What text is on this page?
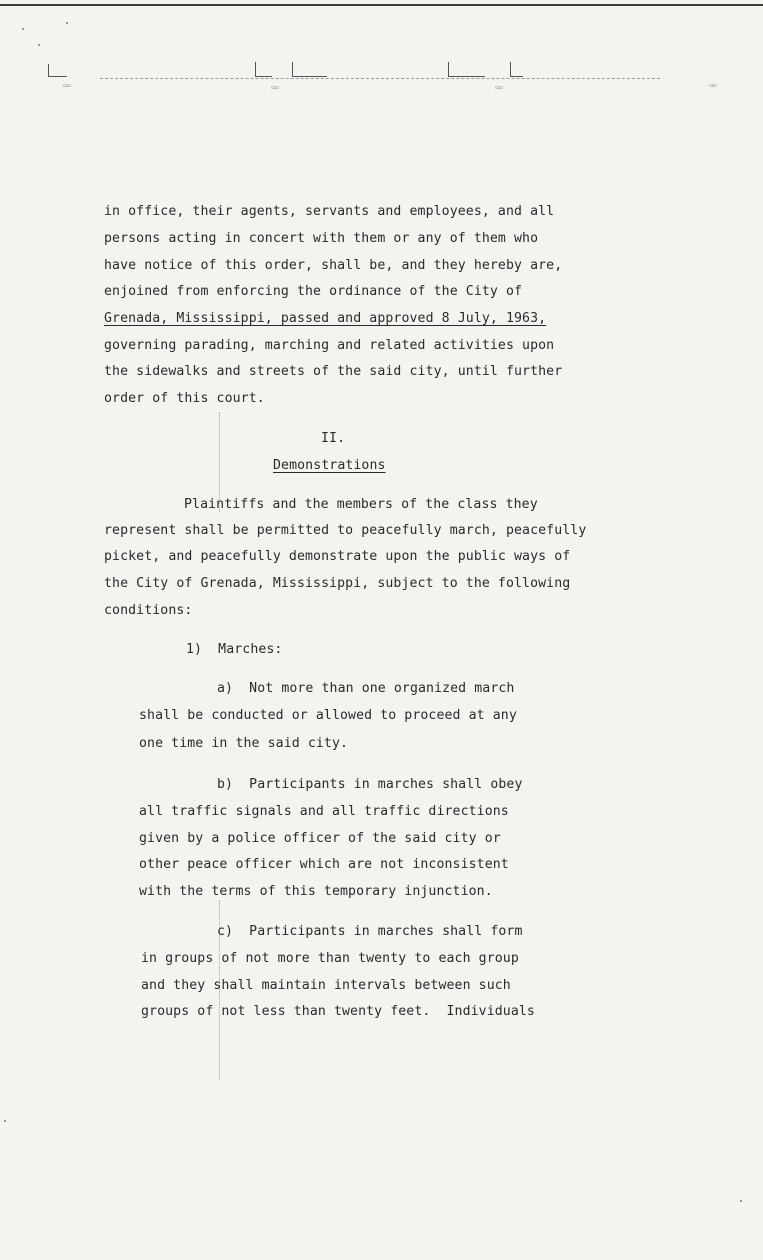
▭▭	▭▭	▭▭	▭▭
in office, their agents, servants and employees, and all
persons acting in concert with them or any of them who
have notice of this order, shall be, and they hereby are,
enjoined from enforcing the ordinance of the City of
Grenada, Mississippi, passed and approved 8 July, 1963,
governing parading, marching and related activities upon
the sidewalks and streets of the said city, until further
order of this court.
II.
Demonstrations
Plaintiffs and the members of the class they
represent shall be permitted to peacefully march, peacefully
picket, and peacefully demonstrate upon the public ways of
the City of Grenada, Mississippi, subject to the following
conditions:
1)  Marches:
a)  Not more than one organized march
shall be conducted or allowed to proceed at any
one time in the said city.
b)  Participants in marches shall obey
all traffic signals and all traffic directions
given by a police officer of the said city or
other peace officer which are not inconsistent
with the terms of this temporary injunction.
c)  Participants in marches shall form
in groups of not more than twenty to each group
and they shall maintain intervals between such
groups of not less than twenty feet.  Individuals
